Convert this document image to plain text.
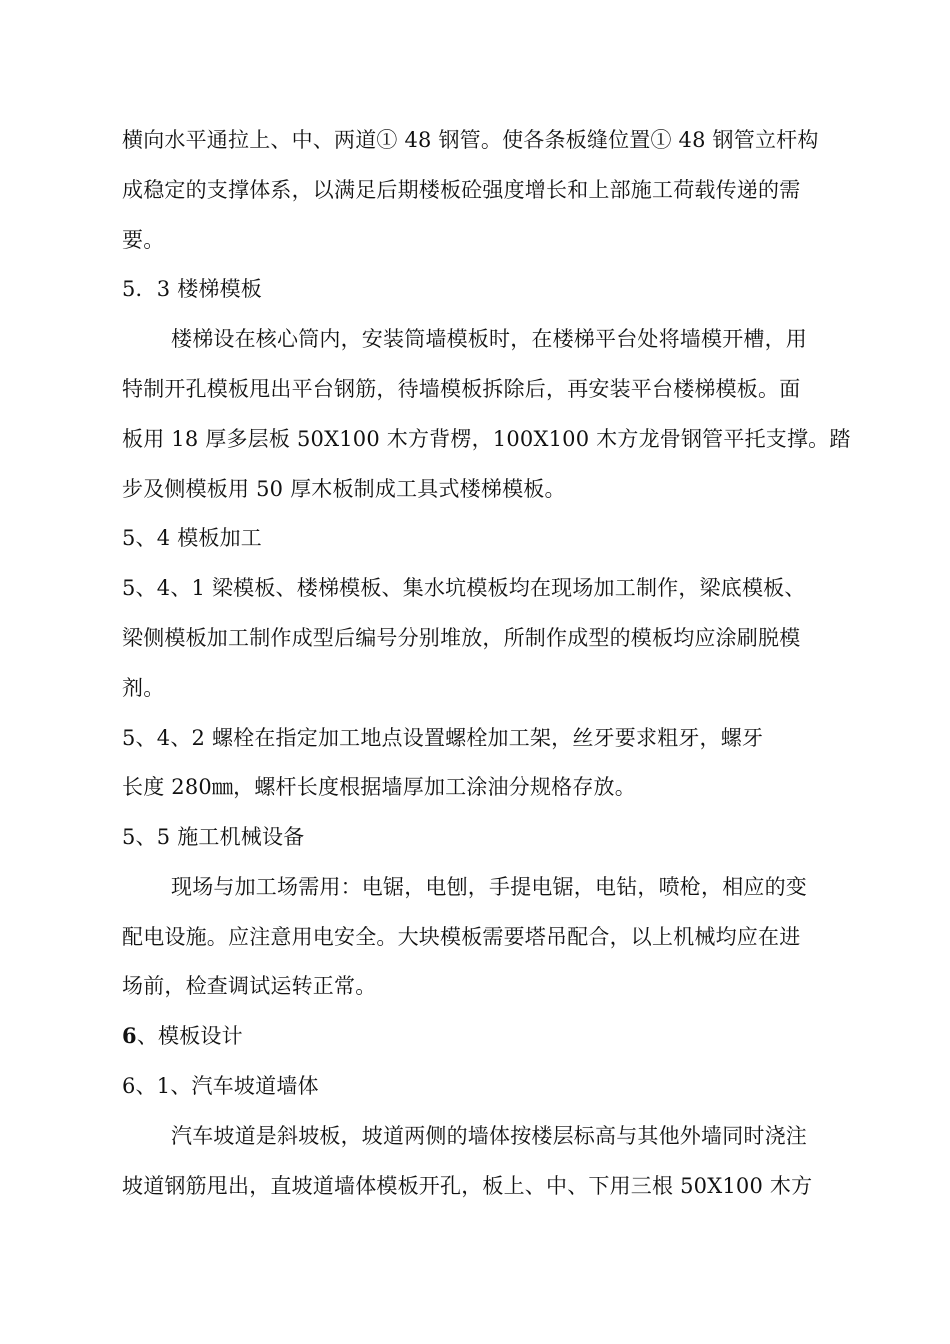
横向水平通拉上、中、两道① 48 钢管。使各条板缝位置① 48 钢管立杆构
成稳定的支撑体系，以满足后期楼板砼强度增长和上部施工荷载传递的需
要。
5．3 楼梯模板
楼梯设在核心筒内，安装筒墙模板时，在楼梯平台处将墙模开槽，用
特制开孔模板甩出平台钢筋，待墙模板拆除后，再安装平台楼梯模板。面
板用 18 厚多层板 50X100 木方背楞，100X100 木方龙骨钢管平托支撑。踏
步及侧模板用 50 厚木板制成工具式楼梯模板。
5、4 模板加工
5、4、1 梁模板、楼梯模板、集水坑模板均在现场加工制作，梁底模板、
梁侧模板加工制作成型后编号分别堆放，所制作成型的模板均应涂刷脱模
剂。
5、4、2 螺栓在指定加工地点设置螺栓加工架，丝牙要求粗牙，螺牙
长度 280㎜，螺杆长度根据墙厚加工涂油分规格存放。
5、5 施工机械设备
现场与加工场需用：电锯，电刨，手提电锯，电钻，喷枪，相应的变
配电设施。应注意用电安全。大块模板需要塔吊配合，以上机械均应在进
场前，检查调试运转正常。
6、模板设计
6、1、汽车坡道墙体
汽车坡道是斜坡板，坡道两侧的墙体按楼层标高与其他外墙同时浇注
坡道钢筋甩出，直坡道墙体模板开孔，板上、中、下用三根 50X100 木方
